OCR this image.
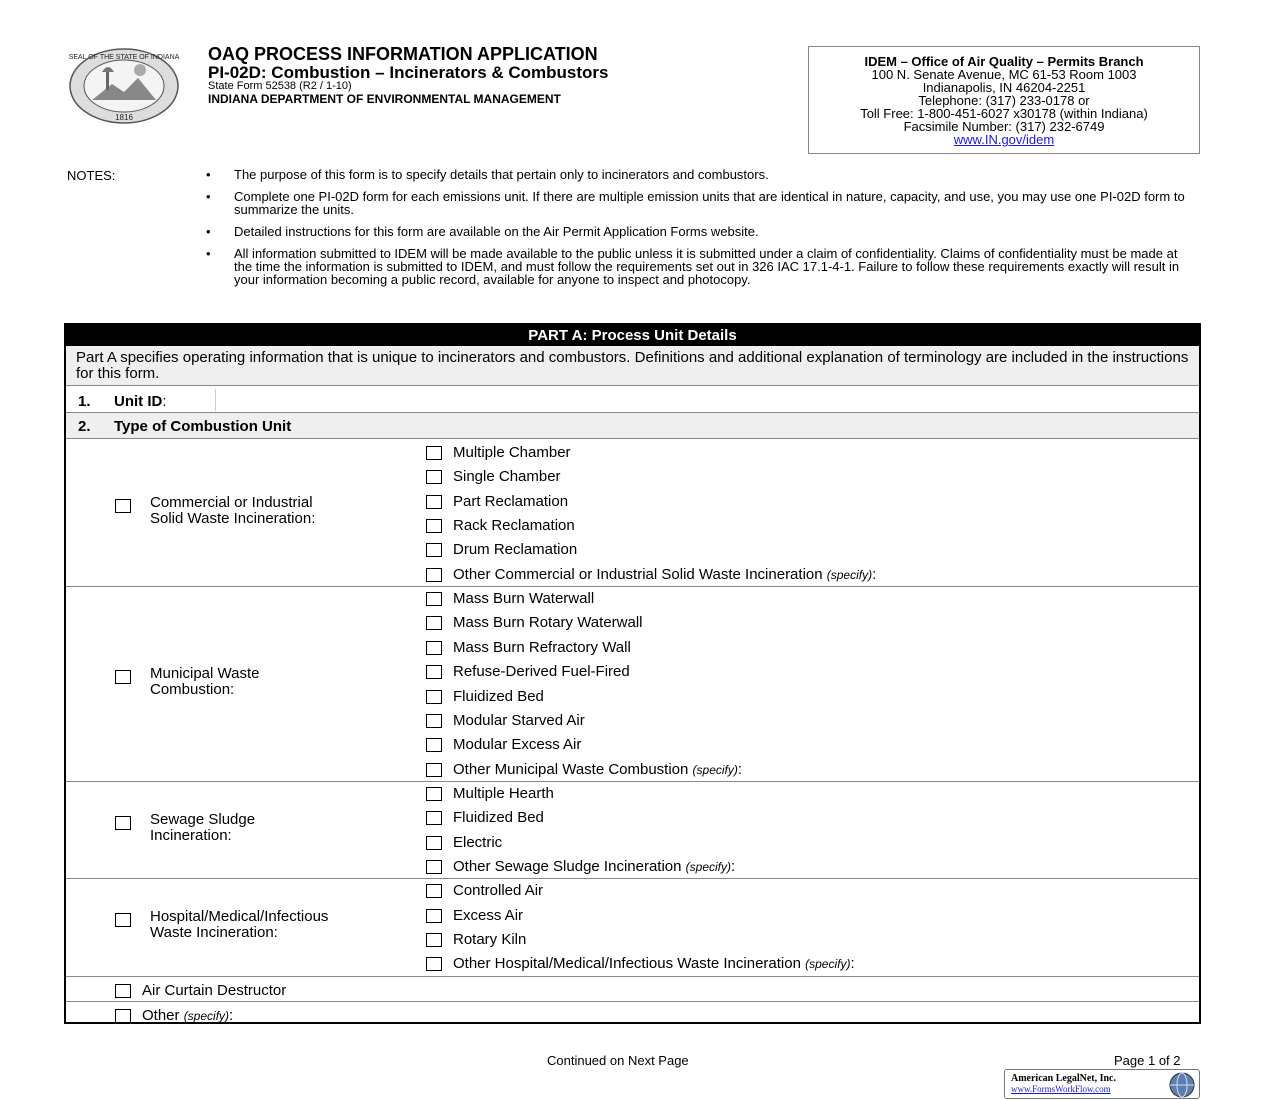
SEAL OF THE STATE OF INDIANA
1816
OAQ PROCESS INFORMATION APPLICATION
PI-02D: Combustion – Incinerators & Combustors
State Form 52538 (R2 / 1-10)
INDIANA DEPARTMENT OF ENVIRONMENTAL MANAGEMENT
IDEM – Office of Air Quality – Permits Branch
100 N. Senate Avenue, MC 61-53 Room 1003
Indianapolis, IN 46204-2251
Telephone: (317) 233-0178 or
Toll Free: 1-800-451-6027 x30178 (within Indiana)
Facsimile Number: (317) 232-6749
www.IN.gov/idem
NOTES:	• The purpose of this form is to specify details that pertain only to incinerators and combustors.
• Complete one PI-02D form for each emissions unit. If there are multiple emission units that are identical in nature, capacity, and use, you may use one PI-02D form to summarize the units.
• Detailed instructions for this form are available on the Air Permit Application Forms website.
• All information submitted to IDEM will be made available to the public unless it is submitted under a claim of confidentiality. Claims of confidentiality must be made at the time the information is submitted to IDEM, and must follow the requirements set out in 326 IAC 17.1-4-1. Failure to follow these requirements exactly will result in your information becoming a public record, available for anyone to inspect and photocopy.
PART A: Process Unit Details
Part A specifies operating information that is unique to incinerators and combustors. Definitions and additional explanation of terminology are included in the instructions for this form.
1. Unit ID:
2. Type of Combustion Unit
Commercial or Industrial
Solid Waste Incineration:
Multiple Chamber
Single Chamber
Part Reclamation
Rack Reclamation
Drum Reclamation
Other Commercial or Industrial Solid Waste Incineration (specify):
Municipal Waste
Combustion:
Mass Burn Waterwall
Mass Burn Rotary Waterwall
Mass Burn Refractory Wall
Refuse-Derived Fuel-Fired
Fluidized Bed
Modular Starved Air
Modular Excess Air
Other Municipal Waste Combustion (specify):
Sewage Sludge
Incineration:
Multiple Hearth
Fluidized Bed
Electric
Other Sewage Sludge Incineration (specify):
Hospital/Medical/Infectious
Waste Incineration:
Controlled Air
Excess Air
Rotary Kiln
Other Hospital/Medical/Infectious Waste Incineration (specify):
Air Curtain Destructor
Other (specify):
Continued on Next Page	Page 1 of 2
American LegalNet, Inc.
www.FormsWorkFlow.com
